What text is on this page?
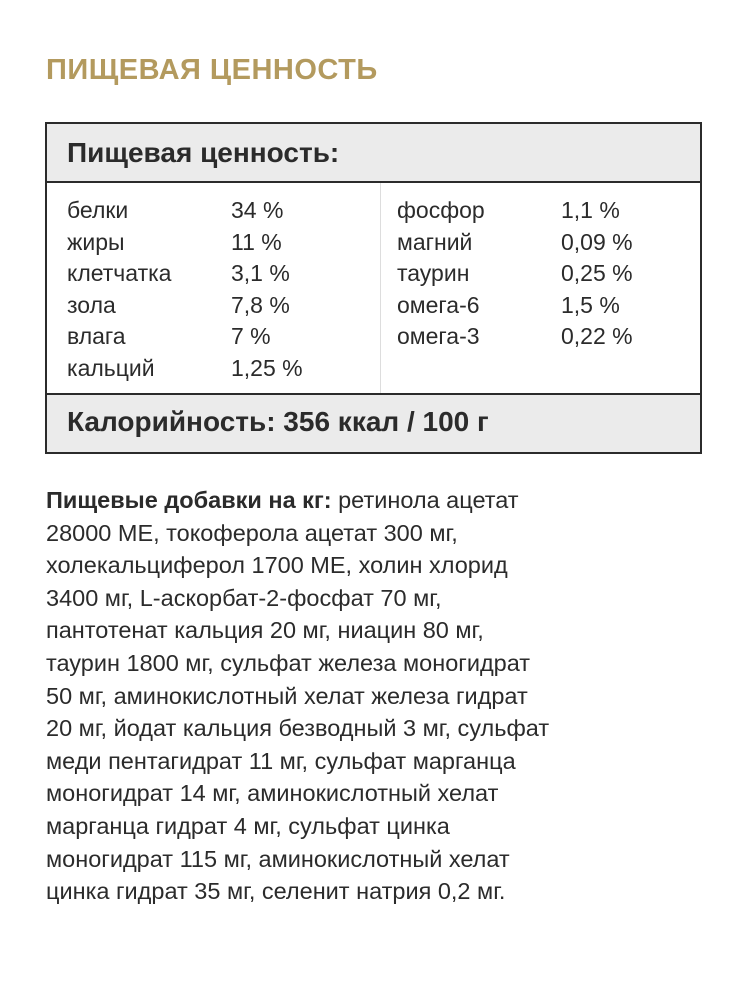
ПИЩЕВАЯ ЦЕННОСТЬ
Пищевая ценность:
белки	34 %
жиры	11 %
клетчатка	3,1 %
зола	7,8 %
влага	7 %
кальций	1,25 %
фосфор	1,1 %
магний	0,09 %
таурин	0,25 %
омега-6	1,5 %
омега-3	0,22 %
Калорийность: 356 ккал / 100 г
Пищевые добавки на кг: ретинола ацетат
28000 МЕ, токоферола ацетат 300 мг,
холекальциферол 1700 МЕ, холин хлорид
3400 мг, L-аскорбат-2-фосфат 70 мг,
пантотенат кальция 20 мг, ниацин 80 мг,
таурин 1800 мг, сульфат железа моногидрат
50 мг, аминокислотный хелат железа гидрат
20 мг, йодат кальция безводный 3 мг, сульфат
меди пентагидрат 11 мг, сульфат марганца
моногидрат 14 мг, аминокислотный хелат
марганца гидрат 4 мг, сульфат цинка
моногидрат 115 мг, аминокислотный хелат
цинка гидрат 35 мг, селенит натрия 0,2 мг.
